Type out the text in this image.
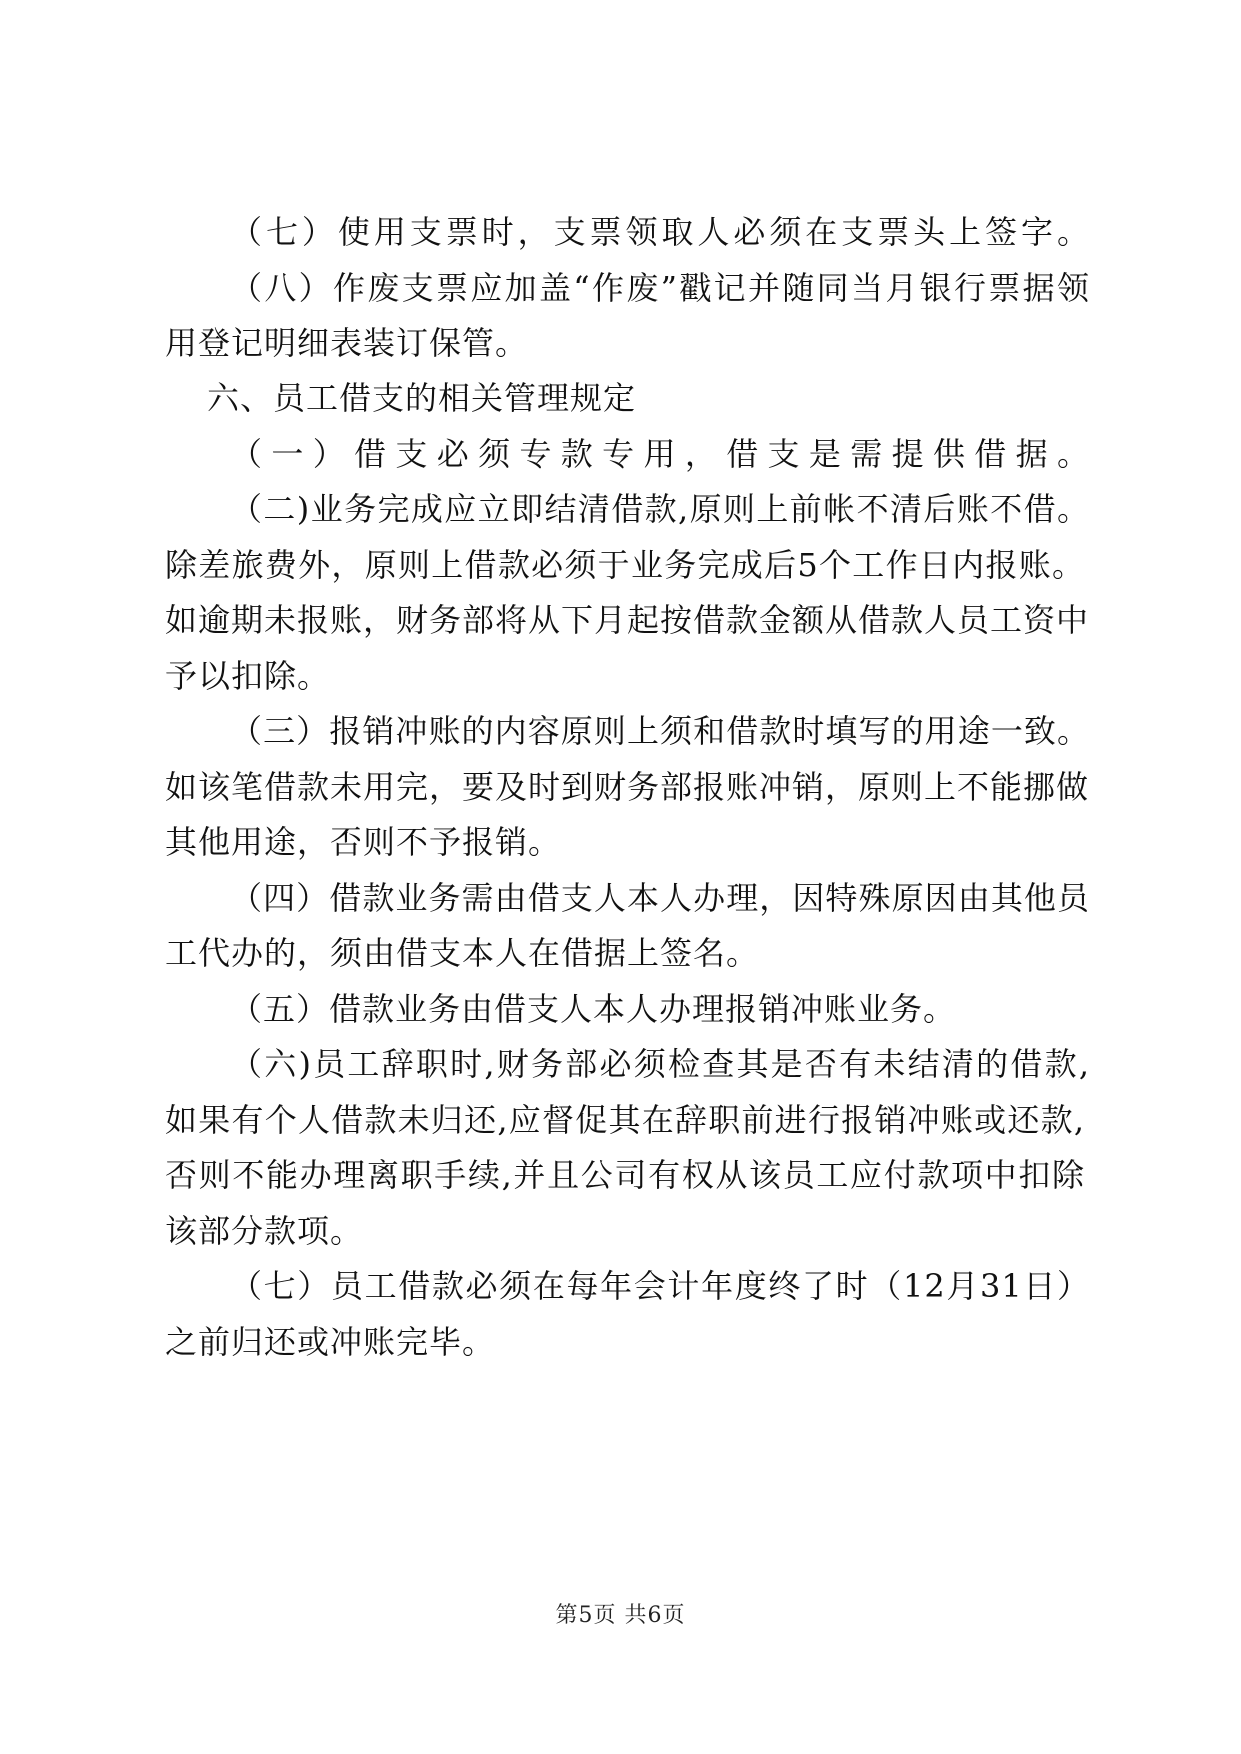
（七）使用支票时，支票领取人必须在支票头上签字。
（八）作废支票应加盖“作废”戳记并随同当月银行票据领
用登记明细表装订保管。
六、员工借支的相关管理规定
（一）借支必须专款专用，借支是需提供借据。
（二)业务完成应立即结清借款,原则上前帐不清后账不借。
除差旅费外，原则上借款必须于业务完成后5个工作日内报账。
如逾期未报账，财务部将从下月起按借款金额从借款人员工资中
予以扣除。
（三）报销冲账的内容原则上须和借款时填写的用途一致。
如该笔借款未用完，要及时到财务部报账冲销，原则上不能挪做
其他用途，否则不予报销。
（四）借款业务需由借支人本人办理，因特殊原因由其他员
工代办的，须由借支本人在借据上签名。
（五）借款业务由借支人本人办理报销冲账业务。
（六)员工辞职时,财务部必须检查其是否有未结清的借款,
如果有个人借款未归还,应督促其在辞职前进行报销冲账或还款,
否则不能办理离职手续,并且公司有权从该员工应付款项中扣除
该部分款项。
（七）员工借款必须在每年会计年度终了时（12月31日）
之前归还或冲账完毕。
第5页 共6页
